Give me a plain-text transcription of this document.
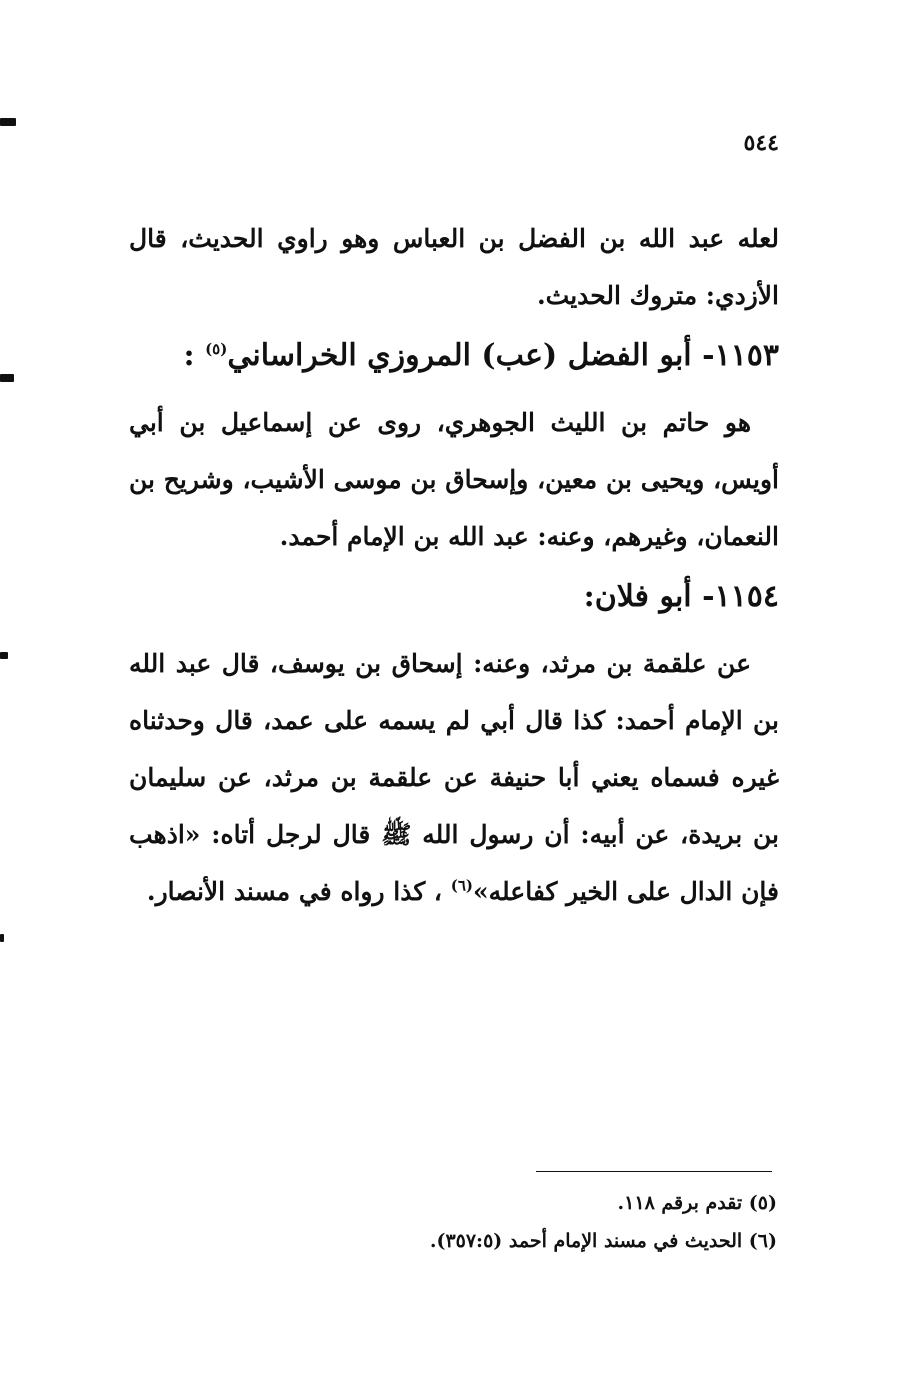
٥٤٤

لعله عبد الله بن الفضل بن العباس وهو راوي الحديث، قال الأزدي: متروك الحديث.

١١٥٣- أبو الفضل (عب) المروزي الخراساني$^{(٥)}$ :

هو حاتم بن الليث الجوهري، روى عن إسماعيل بن أبي أويس، ويحيى بن معين، وإسحاق بن موسى الأشيب، وشريح بن النعمان، وغيرهم، وعنه: عبد الله بن الإمام أحمد.

١١٥٤- أبو فلان:

عن علقمة بن مرثد، وعنه: إسحاق بن يوسف، قال عبد الله بن الإمام أحمد: كذا قال أبي لم يسمه على عمد، قال وحدثناه غيره فسماه يعني أبا حنيفة عن علقمة بن مرثد، عن سليمان بن بريدة، عن أبيه: أن رسول الله ﷺ قال لرجل أتاه: «اذهب فإن الدال على الخير كفاعله»$^{(٦)}$ ، كذا رواه في مسند الأنصار.

(٥) تقدم برقم ١١٨.

(٦) الحديث في مسند الإمام أحمد (٣٥٧:٥).
